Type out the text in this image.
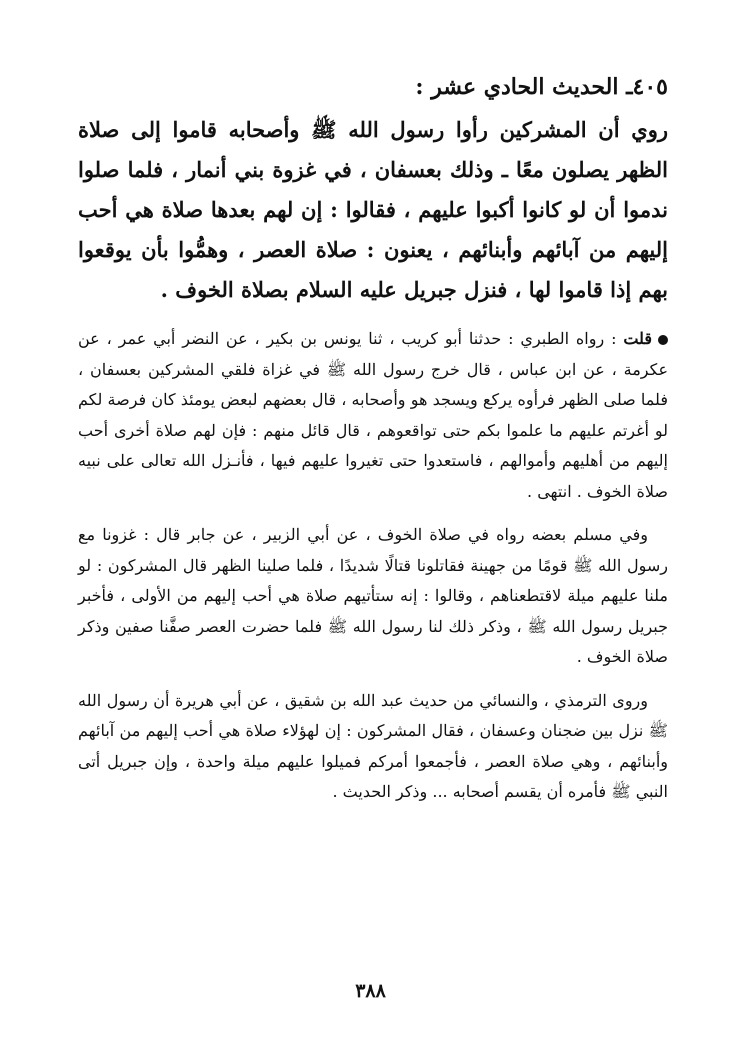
٤٠٥ـ الحديث الحادي عشر :

روي أن المشركين رأوا رسول الله ﷺ وأصحابه قاموا إلى صلاة الظهر يصلون معًا ـ وذلك بعسفان ، في غزوة بني أنمار ، فلما صلوا ندموا أن لو كانوا أكبوا عليهم ، فقالوا : إن لهم بعدها صلاة هي أحب إليهم من آبائهم وأبنائهم ، يعنون : صلاة العصر ، وهمُّوا بأن يوقعوا بهم إذا قاموا لها ، فنزل جبريل عليه السلام بصلاة الخوف .

قلت : رواه الطبري : حدثنا أبو كريب ، ثنا يونس بن بكير ، عن النضر أبي عمر ، عن عكرمة ، عن ابن عباس ، قال خرج رسول الله ﷺ في غزاة فلقي المشركين بعسفان ، فلما صلى الظهر فرأوه يركع ويسجد هو وأصحابه ، قال بعضهم لبعض يومئذ كان فرصة لكم لو أغرتم عليهم ما علموا بكم حتى تواقعوهم ، قال قائل منهم : فإن لهم صلاة أخرى أحب إليهم من أهليهم وأموالهم ، فاستعدوا حتى تغيروا عليهم فيها ، فأنـزل الله تعالى على نبيه صلاة الخوف . انتهى .

وفي مسلم بعضه رواه في صلاة الخوف ، عن أبي الزبير ، عن جابر قال : غزونا مع رسول الله ﷺ قومًا من جهينة فقاتلونا قتالًا شديدًا ، فلما صلينا الظهر قال المشركون : لو ملنا عليهم ميلة لاقتطعناهم ، وقالوا : إنه ستأتيهم صلاة هي أحب إليهم من الأولى ، فأخبر جبريل رسول الله ﷺ ، وذكر ذلك لنا رسول الله ﷺ فلما حضرت العصر صفَّنا صفين وذكر صلاة الخوف .

وروى الترمذي ، والنسائي من حديث عبد الله بن شقيق ، عن أبي هريرة أن رسول الله ﷺ نزل بين ضجنان وعسفان ، فقال المشركون : إن لهؤلاء صلاة هي أحب إليهم من آبائهم وأبنائهم ، وهي صلاة العصر ، فأجمعوا أمركم فميلوا عليهم ميلة واحدة ، وإن جبريل أتى النبي ﷺ فأمره أن يقسم أصحابه ... وذكر الحديث .

٣٨٨
